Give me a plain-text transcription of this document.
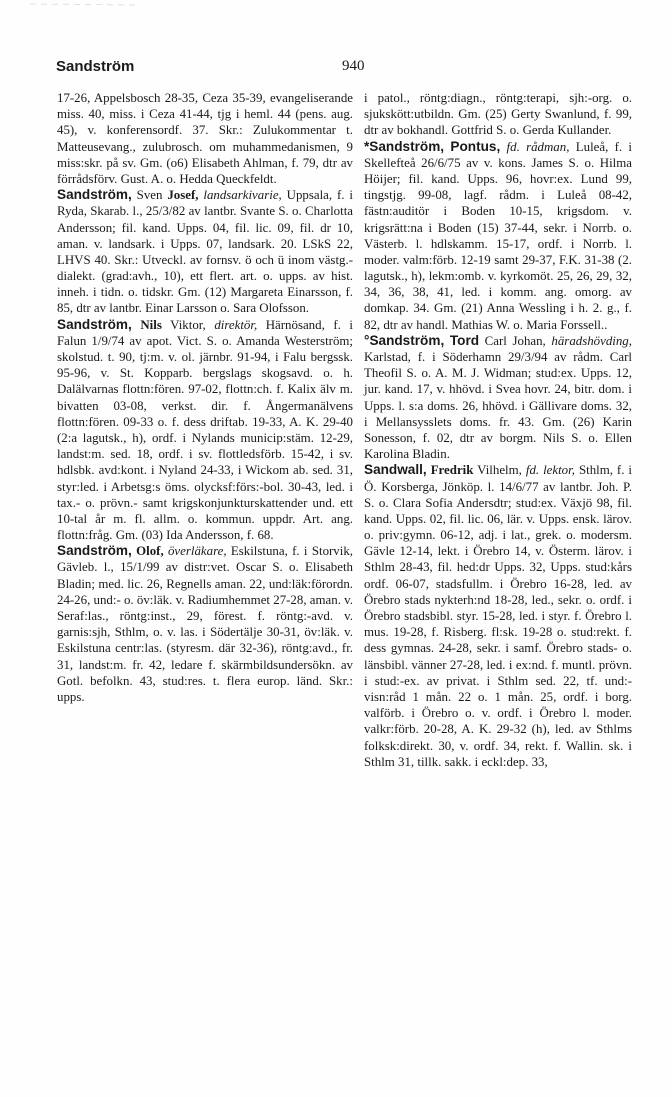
Sandström	940

17-26, Appelsbosch 28-35, Ceza 35-39, evangeliserande miss. 40, miss. i Ceza 41-44, tjg i heml. 44 (pens. aug. 45), v. konferensordf. 37. Skr.: Zulukommentar t. Matteusevang., zulubrosch. om muhammedanismen, 9 miss:skr. på sv. Gm. (o6) Elisabeth Ahlman, f. 79, dtr av förrådsförv. Gust. A. o. Hedda Queckfeldt.

Sandström, Sven Josef, landsarkivarie, Uppsala, f. i Ryda, Skarab. l., 25/3/82 av lantbr. Svante S. o. Charlotta Andersson; fil. kand. Upps. 04, fil. lic. 09, fil. dr 10, aman. v. landsark. i Upps. 07, landsark. 20. LSkS 22, LHVS 40. Skr.: Utveckl. av fornsv. ö och ü inom västg.-dialekt. (grad:avh., 10), ett flert. art. o. upps. av hist. inneh. i tidn. o. tidskr. Gm. (12) Margareta Einarsson, f. 85, dtr av lantbr. Einar Larsson o. Sara Olofsson.

Sandström, Nils Viktor, direktör, Härnösand, f. i Falun 1/9/74 av apot. Vict. S. o. Amanda Westerström; skolstud. t. 90, tj:m. v. ol. järnbr. 91-94, i Falu bergssk. 95-96, v. St. Kopparb. bergslags skogsavd. o. h. Dalälvarnas flottn:fören. 97-02, flottn:ch. f. Kalix älv m. bivatten 03-08, verkst. dir. f. Ångermanälvens flottn:fören. 09-33 o. f. dess driftab. 19-33, A. K. 29-40 (2:a lagutsk., h), ordf. i Nylands municip:stäm. 12-29, landst:m. sed. 18, ordf. i sv. flottledsförb. 15-42, i sv. hdlsbk. avd:kont. i Nyland 24-33, i Wickom ab. sed. 31, styr:led. i Arbetsg:s öms. olycksf:förs:-bol. 30-43, led. i tax.- o. prövn.- samt krigskonjunkturskattender und. ett 10-tal år m. fl. allm. o. kommun. uppdr. Art. ang. flottn:fråg. Gm. (03) Ida Andersson, f. 68.

Sandström, Olof, överläkare, Eskilstuna, f. i Storvik, Gävleb. l., 15/1/99 av distr:vet. Oscar S. o. Elisabeth Bladin; med. lic. 26, Regnells aman. 22, und:läk:förordn. 24-26, und:- o. öv:läk. v. Radiumhemmet 27-28, aman. v. Seraf:las., röntg:inst., 29, förest. f. röntg:-avd. v. garnis:sjh, Sthlm, o. v. las. i Södertälje 30-31, öv:läk. v. Eskilstuna centr:las. (styresm. där 32-36), röntg:avd., fr. 31, landst:m. fr. 42, ledare f. skärmbildsundersökn. av Gotl. befolkn. 43, stud:res. t. flera europ. länd. Skr.: upps.

i patol., röntg:diagn., röntg:terapi, sjh:-org. o. sjukskött:utbildn. Gm. (25) Gerty Swanlund, f. 99, dtr av bokhandl. Gottfrid S. o. Gerda Kullander.

*Sandström, Pontus, fd. rådman, Luleå, f. i Skellefteå 26/6/75 av v. kons. James S. o. Hilma Höijer; fil. kand. Upps. 96, hovr:ex. Lund 99, tingstjg. 99-08, lagf. rådm. i Luleå 08-42, fästn:auditör i Boden 10-15, krigsdom. v. krigsrätt:na i Boden (15) 37-44, sekr. i Norrb. o. Västerb. l. hdlskamm. 15-17, ordf. i Norrb. l. moder. valm:förb. 12-19 samt 29-37, F.K. 31-38 (2. lagutsk., h), lekm:omb. v. kyrkomöt. 25, 26, 29, 32, 34, 36, 38, 41, led. i komm. ang. omorg. av domkap. 34. Gm. (21) Anna Wessling i h. 2. g., f. 82, dtr av handl. Mathias W. o. Maria Forssell..

°Sandström, Tord Carl Johan, häradshövding, Karlstad, f. i Söderhamn 29/3/94 av rådm. Carl Theofil S. o. A. M. J. Widman; stud:ex. Upps. 12, jur. kand. 17, v. hhövd. i Svea hovr. 24, bitr. dom. i Upps. l. s:a doms. 26, hhövd. i Gällivare doms. 32, i Mellansysslets doms. fr. 43. Gm. (26) Karin Sonesson, f. 02, dtr av borgm. Nils S. o. Ellen Karolina Bladin.

Sandwall, Fredrik Vilhelm, fd. lektor, Sthlm, f. i Ö. Korsberga, Jönköp. l. 14/6/77 av lantbr. Joh. P. S. o. Clara Sofia Andersdtr; stud:ex. Växjö 98, fil. kand. Upps. 02, fil. lic. 06, lär. v. Upps. ensk. lärov. o. priv:gymn. 06-12, adj. i lat., grek. o. modersm. Gävle 12-14, lekt. i Örebro 14, v. Österm. lärov. i Sthlm 28-43, fil. hed:dr Upps. 32, Upps. stud:kårs ordf. 06-07, stadsfullm. i Örebro 16-28, led. av Örebro stads nykterh:nd 18-28, led., sekr. o. ordf. i Örebro stadsbibl. styr. 15-28, led. i styr. f. Örebro l. mus. 19-28, f. Risberg. fl:sk. 19-28 o. stud:rekt. f. dess gymnas. 24-28, sekr. i samf. Örebro stads- o. länsbibl. vänner 27-28, led. i ex:nd. f. muntl. prövn. i stud:-ex. av privat. i Sthlm sed. 22, tf. und:-visn:råd 1 mån. 22 o. 1 mån. 25, ordf. i borg. valförb. i Örebro o. v. ordf. i Örebro l. moder. valkr:förb. 20-28, A. K. 29-32 (h), led. av Sthlms folksk:direkt. 30, v. ordf. 34, rekt. f. Wallin. sk. i Sthlm 31, tillk. sakk. i eckl:dep. 33,
